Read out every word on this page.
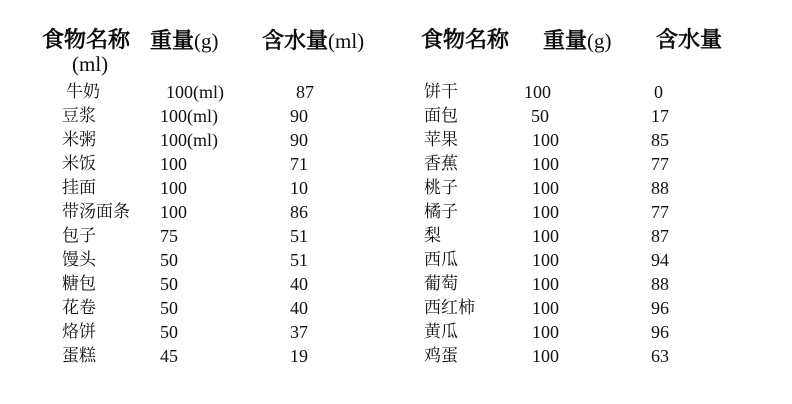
食物名称 重量(g) 含水量(ml)
(ml)
食物名称 重量(g) 含水量
牛奶	100(ml)	87
豆浆	100(ml)	90
米粥	100(ml)	90
米饭	100	71
挂面	100	10
带汤面条 100	86
包子	75	51
馒头	50	51
糖包	50	40
花卷	50	40
烙饼	50	37
蛋糕	45	19
饼干	100	0
面包	50	17
苹果	100	85
香蕉	100	77
桃子	100	88
橘子	100	77
梨	100	87
西瓜	100	94
葡萄	100	88
西红柿	100	96
黄瓜	100	96
鸡蛋	100	63
